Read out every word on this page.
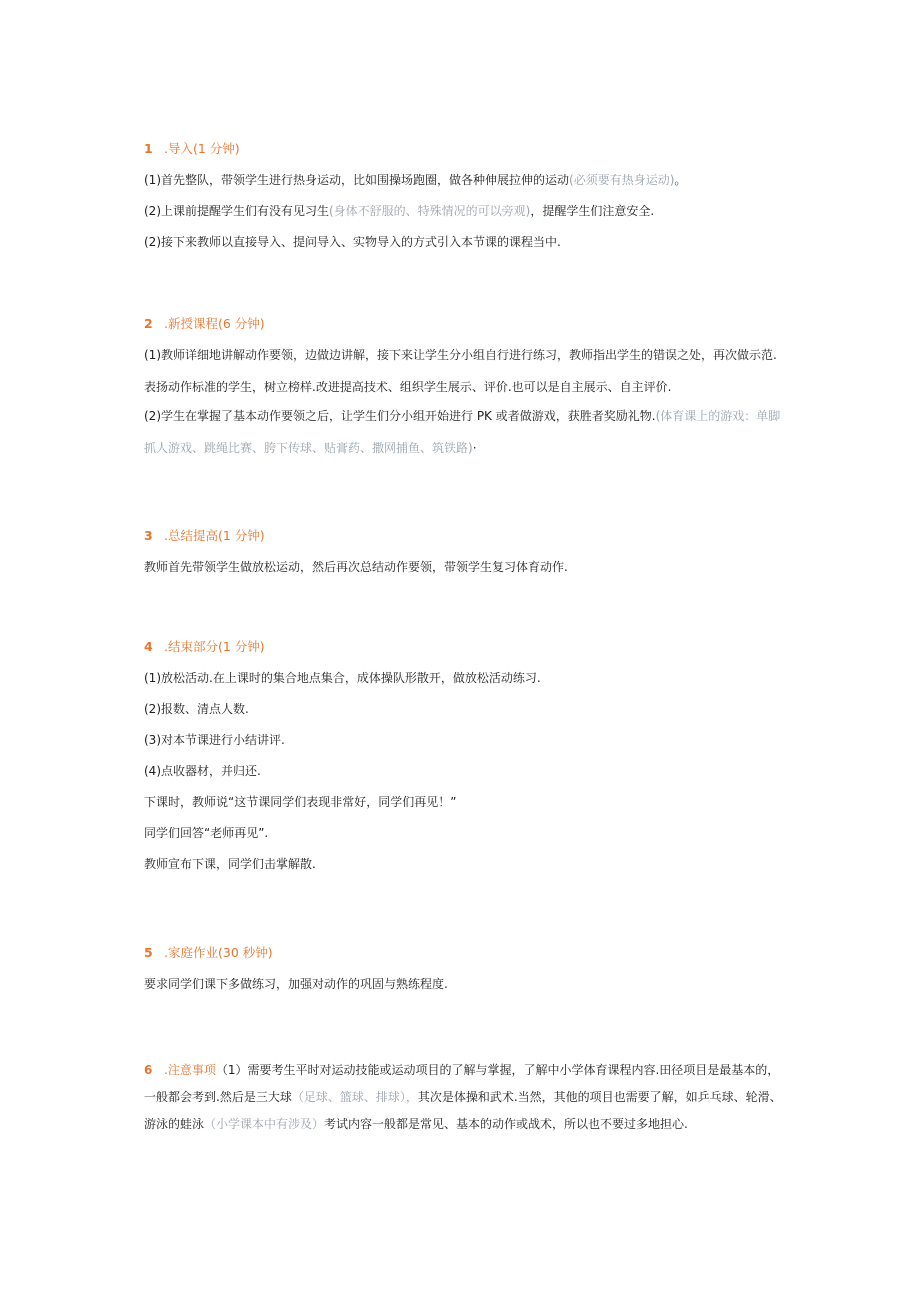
1 .导入(1 分钟)
(1)首先整队，带领学生进行热身运动，比如围操场跑圈，做各种伸展拉伸的运动(必须要有热身运动)。
(2)上课前提醒学生们有没有见习生(身体不舒服的、特殊情况的可以旁观)，提醒学生们注意安全.
(2)接下来教师以直接导入、提问导入、实物导入的方式引入本节课的课程当中.
2 .新授课程(6 分钟)
(1)教师详细地讲解动作要领，边做边讲解，接下来让学生分小组自行进行练习，教师指出学生的错误之处，再次做示范.表扬动作标准的学生，树立榜样.改进提高技术、组织学生展示、评价.也可以是自主展示、自主评价.
(2)学生在掌握了基本动作要领之后，让学生们分小组开始进行 PK 或者做游戏，获胜者奖励礼物.(体育课上的游戏：单脚抓人游戏、跳绳比赛、胯下传球、贴膏药、撒网捕鱼、筑铁路)·
3 .总结提高(1 分钟)
教师首先带领学生做放松运动，然后再次总结动作要领，带领学生复习体育动作.
4 .结束部分(1 分钟)
(1)放松活动.在上课时的集合地点集合，成体操队形散开，做放松活动练习.
(2)报数、清点人数.
(3)对本节课进行小结讲评.
(4)点收器材，并归还.
下课时，教师说“这节课同学们表现非常好，同学们再见！”
同学们回答“老师再见”.
教师宣布下课，同学们击掌解散.
5 .家庭作业(30 秒钟)
要求同学们课下多做练习，加强对动作的巩固与熟练程度.
6 .注意事项（1）需要考生平时对运动技能或运动项目的了解与掌握，了解中小学体育课程内容.田径项目是最基本的，一般都会考到.然后是三大球（足球、篮球、排球），其次是体操和武术.当然，其他的项目也需要了解，如乒乓球、轮滑、游泳的蛙泳（小学课本中有涉及）考试内容一般都是常见、基本的动作或战术，所以也不要过多地担心.
